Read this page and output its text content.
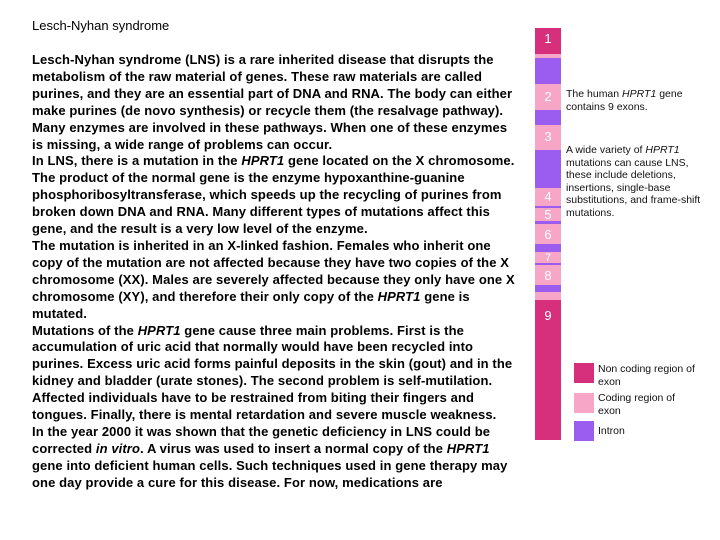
Lesch-Nyhan syndrome

Lesch-Nyhan syndrome (LNS) is a rare inherited disease that disrupts the metabolism of the raw material of genes. These raw materials are called purines, and they are an essential part of DNA and RNA. The body can either make purines (de novo synthesis) or recycle them (the resalvage pathway). Many enzymes are involved in these pathways. When one of these enzymes is missing, a wide range of problems can occur.

In LNS, there is a mutation in the HPRT1 gene located on the X chromosome. The product of the normal gene is the enzyme hypoxanthine-guanine phosphoribosyltransferase, which speeds up the recycling of purines from broken down DNA and RNA. Many different types of mutations affect this gene, and the result is a very low level of the enzyme.

The mutation is inherited in an X-linked fashion. Females who inherit one copy of the mutation are not affected because they have two copies of the X chromosome (XX). Males are severely affected because they only have one X chromosome (XY), and therefore their only copy of the HPRT1 gene is mutated.

Mutations of the HPRT1 gene cause three main problems. First is the accumulation of uric acid that normally would have been recycled into purines. Excess uric acid forms painful deposits in the skin (gout) and in the kidney and bladder (urate stones). The second problem is self-mutilation. Affected individuals have to be restrained from biting their fingers and tongues. Finally, there is mental retardation and severe muscle weakness.

In the year 2000 it was shown that the genetic deficiency in LNS could be corrected in vitro. A virus was used to insert a normal copy of the HPRT1 gene into deficient human cells. Such techniques used in gene therapy may one day provide a cure for this disease. For now, medications are

1
2
3
4
5
6
7
8
9
The human HPRT1 gene contains 9 exons.
A wide variety of HPRT1 mutations can cause LNS, these include deletions, insertions, single-base substitutions, and frame-shift mutations.
Non coding region of exon
Coding region of exon
Intron
